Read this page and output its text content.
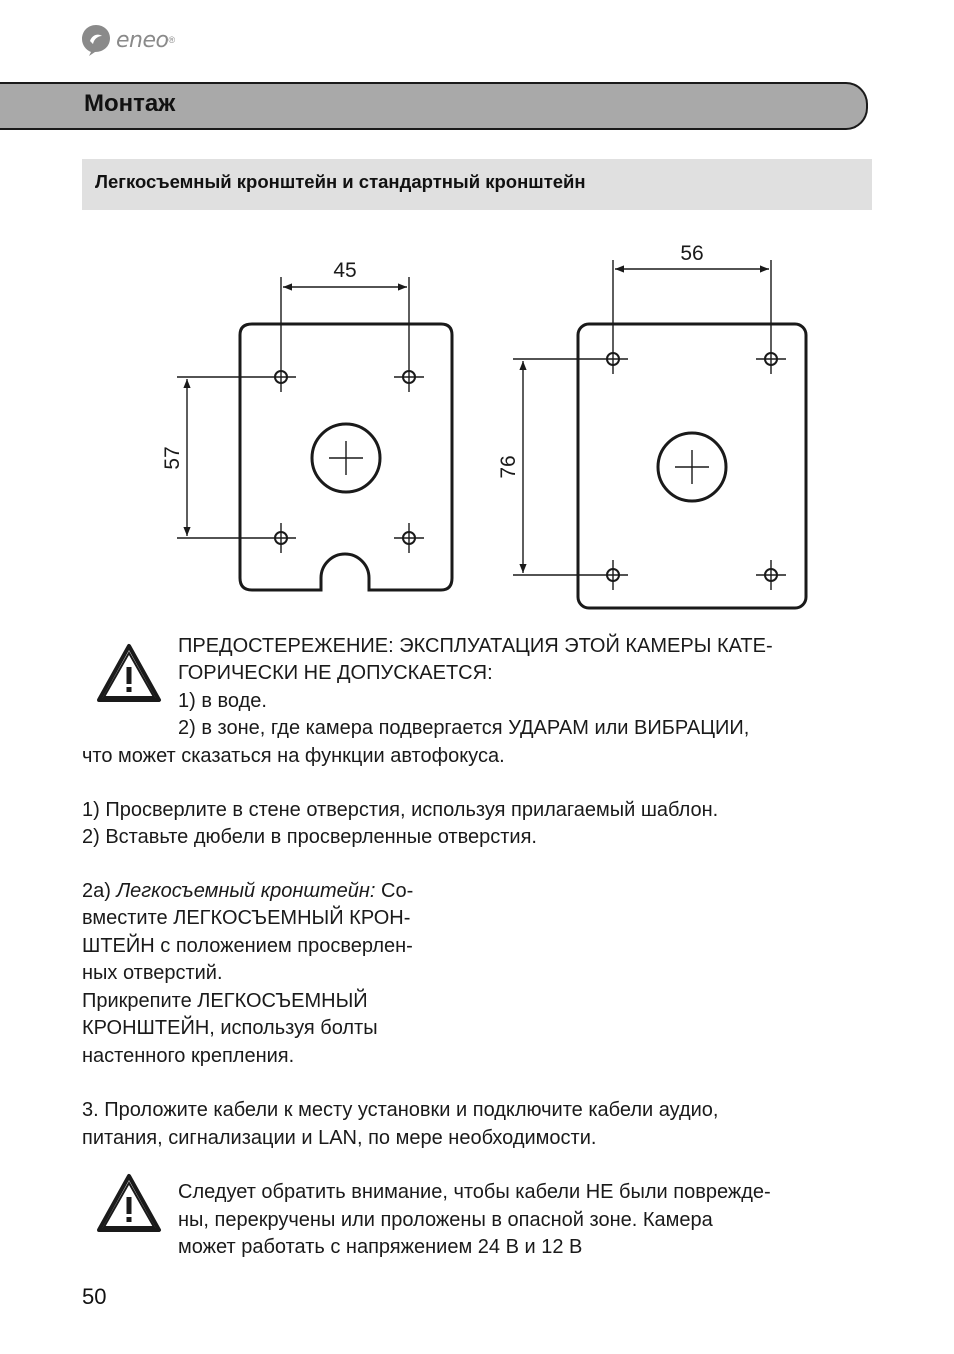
eneo ®
Монтаж
Легкосъемный кронштейн и стандартный кронштейн
45
57
56
76
ПРЕДОСТЕРЕЖЕНИЕ: ЭКСПЛУАТАЦИЯ ЭТОЙ КАМЕРЫ КАТЕ-
ГОРИЧЕСКИ НЕ ДОПУСКАЕТСЯ:
1) в воде.
2) в зоне, где камера подвергается УДАРАМ или ВИБРАЦИИ,
что может сказаться на функции автофокуса.
1) Просверлите в стене отверстия, используя прилагаемый шаблон.
2) Вставьте дюбели в просверленные отверстия.
2а) Легкосъемный кронштейн: Со-
вместите ЛЕГКОСЪЕМНЫЙ КРОН-
ШТЕЙН с положением просверлен-
ных отверстий.
Прикрепите ЛЕГКОСЪЕМНЫЙ
КРОНШТЕЙН, используя болты
настенного крепления.
3. Проложите кабели к месту установки и подключите кабели аудио,
питания, сигнализации и LAN, по мере необходимости.
Следует обратить внимание, чтобы кабели НЕ были поврежде-
ны, перекручены или проложены в опасной зоне. Камера
может работать с напряжением 24 В и 12 В
50
